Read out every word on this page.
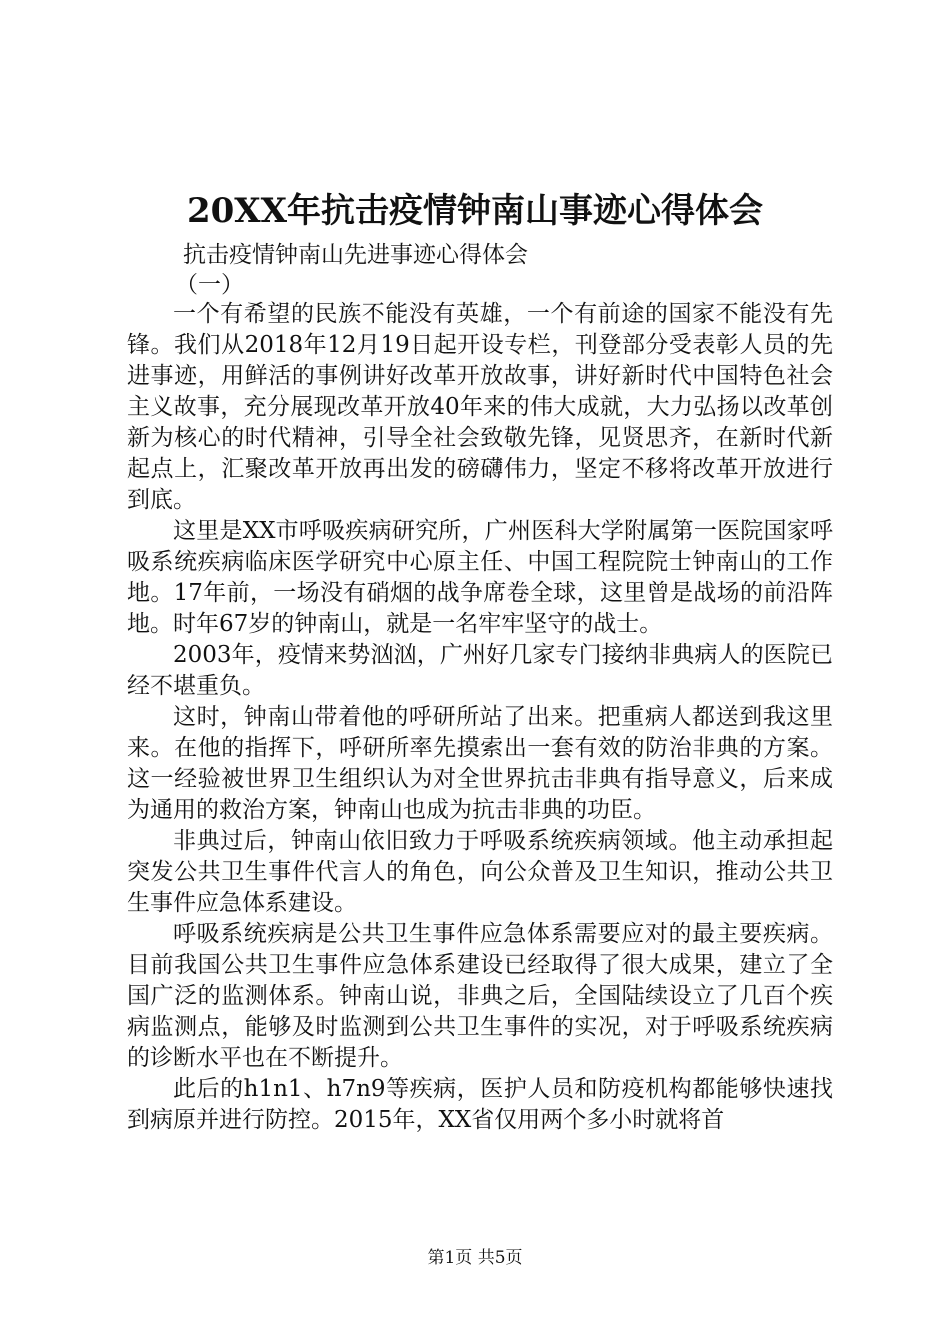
20XX年抗击疫情钟南山事迹心得体会

抗击疫情钟南山先进事迹心得体会

（一）

一个有希望的民族不能没有英雄，一个有前途的国家不能没有先锋。我们从2018年12月19日起开设专栏，刊登部分受表彰人员的先进事迹，用鲜活的事例讲好改革开放故事，讲好新时代中国特色社会主义故事，充分展现改革开放40年来的伟大成就，大力弘扬以改革创新为核心的时代精神，引导全社会致敬先锋，见贤思齐，在新时代新起点上，汇聚改革开放再出发的磅礴伟力，坚定不移将改革开放进行到底。

这里是XX市呼吸疾病研究所，广州医科大学附属第一医院国家呼吸系统疾病临床医学研究中心原主任、中国工程院院士钟南山的工作地。17年前，一场没有硝烟的战争席卷全球，这里曾是战场的前沿阵地。时年67岁的钟南山，就是一名牢牢坚守的战士。

2003年，疫情来势汹汹，广州好几家专门接纳非典病人的医院已经不堪重负。

这时，钟南山带着他的呼研所站了出来。把重病人都送到我这里来。在他的指挥下，呼研所率先摸索出一套有效的防治非典的方案。这一经验被世界卫生组织认为对全世界抗击非典有指导意义，后来成为通用的救治方案，钟南山也成为抗击非典的功臣。

非典过后，钟南山依旧致力于呼吸系统疾病领域。他主动承担起突发公共卫生事件代言人的角色，向公众普及卫生知识，推动公共卫生事件应急体系建设。

呼吸系统疾病是公共卫生事件应急体系需要应对的最主要疾病。目前我国公共卫生事件应急体系建设已经取得了很大成果，建立了全国广泛的监测体系。钟南山说，非典之后，全国陆续设立了几百个疾病监测点，能够及时监测到公共卫生事件的实况，对于呼吸系统疾病的诊断水平也在不断提升。

此后的h1n1、h7n9等疾病，医护人员和防疫机构都能够快速找到病原并进行防控。2015年，XX省仅用两个多小时就将首

第1页 共5页
